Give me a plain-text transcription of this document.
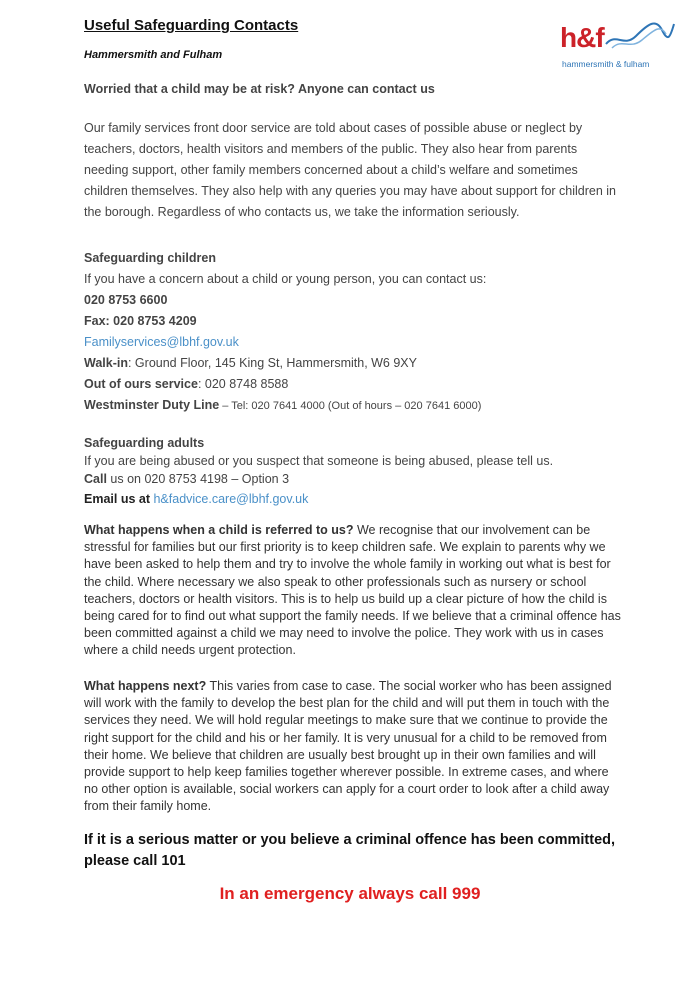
Useful Safeguarding Contacts
Hammersmith and Fulham
h&f
hammersmith & fulham
Worried that a child may be at risk? Anyone can contact us
Our family services front door service are told about cases of possible abuse or neglect by teachers, doctors, health visitors and members of the public. They also hear from parents needing support, other family members concerned about a child’s welfare and sometimes children themselves. They also help with any queries you may have about support for children in the borough. Regardless of who contacts us, we take the information seriously.
Safeguarding children
If you have a concern about a child or young person, you can contact us:
020 8753 6600
Fax: 020 8753 4209
Familyservices@lbhf.gov.uk
Walk-in: Ground Floor, 145 King St, Hammersmith, W6 9XY
Out of ours service: 020 8748 8588
Westminster Duty Line – Tel: 020 7641 4000 (Out of hours – 020 7641 6000)
Safeguarding adults
If you are being abused or you suspect that someone is being abused, please tell us.
Call us on 020 8753 4198 – Option 3
Email us at h&fadvice.care@lbhf.gov.uk
What happens when a child is referred to us? We recognise that our involvement can be stressful for families but our first priority is to keep children safe. We explain to parents why we have been asked to help them and try to involve the whole family in working out what is best for the child. Where necessary we also speak to other professionals such as nursery or school teachers, doctors or health visitors. This is to help us build up a clear picture of how the child is being cared for to find out what support the family needs. If we believe that a criminal offence has been committed against a child we may need to involve the police. They work with us in cases where a child needs urgent protection.
What happens next? This varies from case to case. The social worker who has been assigned will work with the family to develop the best plan for the child and will put them in touch with the services they need. We will hold regular meetings to make sure that we continue to provide the right support for the child and his or her family. It is very unusual for a child to be removed from their home. We believe that children are usually best brought up in their own families and will provide support to help keep families together wherever possible. In extreme cases, and where no other option is available, social workers can apply for a court order to look after a child away from their family home.
If it is a serious matter or you believe a criminal offence has been committed, please call 101
In an emergency always call 999
